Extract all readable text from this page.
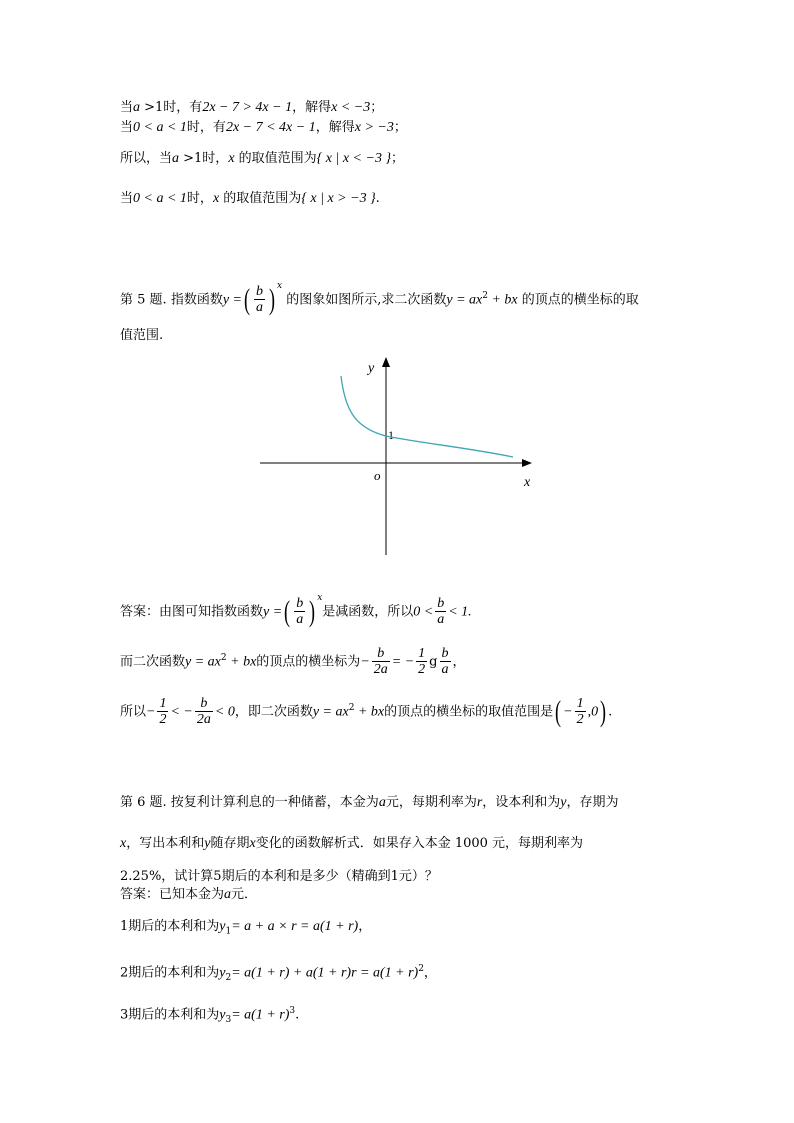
当a >1时，有2x − 7 > 4x − 1，解得x < −3；
当0 < a < 1时，有2x − 7 < 4x − 1，解得x > −3；
所以，当a >1时，x 的取值范围为{ x | x < −3 }；
当0 < a < 1时，x 的取值范围为{ x | x > −3 }.
第 5 题. 指数函数y =( $\frac{b}{a}$ ) $^x$ 的图象如图所示,求二次函数$y = ax^2$ + bx 的顶点的横坐标的取
值范围.
y
x
o
1
答案：由图可知指数函数y =( $\frac{b}{a}$ ) $^x$是减函数，所以$0 < \frac{b}{a} < 1$.
而二次函数$y = ax^2$ + bx的顶点的横坐标为− $\frac{b}{2a}$ = − $\frac{1}{2}$ g $\frac{b}{a}$ ，
所以− $\frac{1}{2}$ < − $\frac{b}{2a} < 0$，即二次函数$y = ax^2$ + bx的顶点的横坐标的取值范围是( − $\frac{1}{2} ,0$) .
第 6 题. 按复利计算利息的一种储蓄，本金为a元，每期利率为r，设本利和为y，存期为
x，写出本利和y随存期x变化的函数解析式．如果存入本金 1000 元，每期利率为
2.25%，试计算5期后的本利和是多少（精确到1元）？
答案：已知本金为a元．
1期后的本利和为$y_1= a + a \times r = a(1 + r)$，
2期后的本利和为$y_2= a(1 + r) + a(1 + r)r = a(1 + r)^2$，
3期后的本利和为$y_3= a(1 + r)^3$.
